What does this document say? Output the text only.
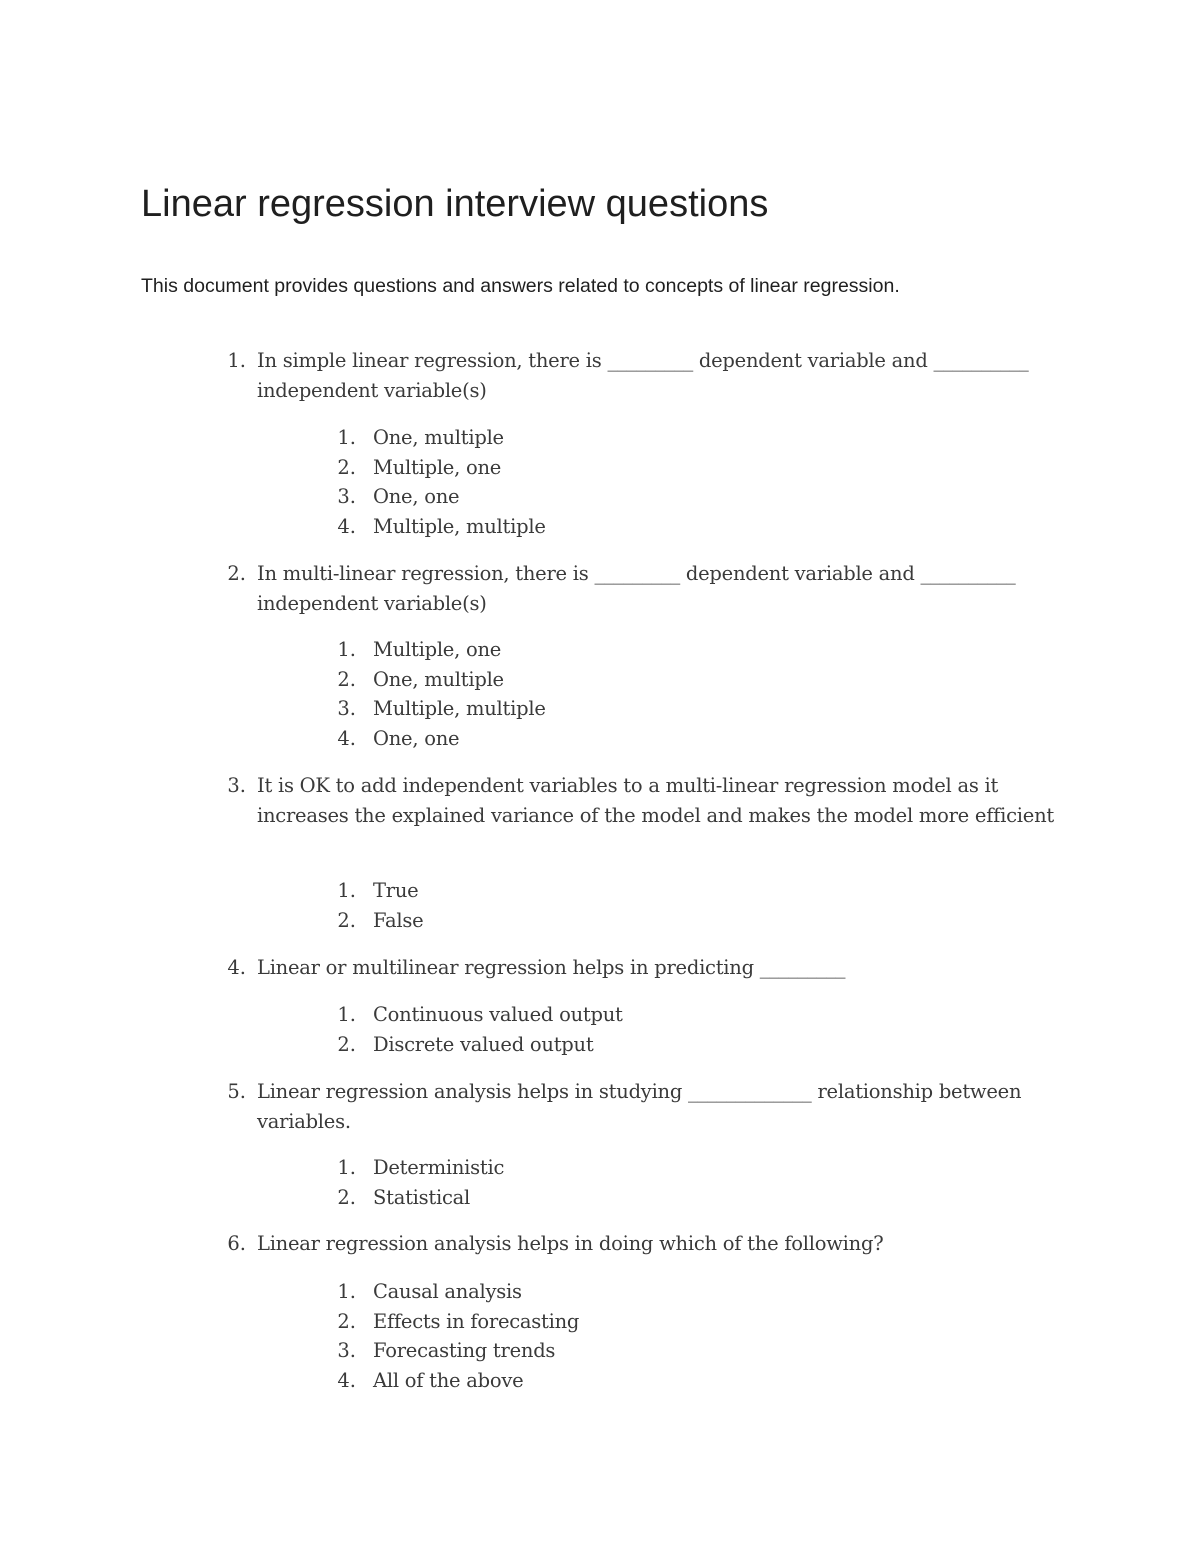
Linear regression interview questions

This document provides questions and answers related to concepts of linear regression.

1. In simple linear regression, there is _________ dependent variable and __________ independent variable(s)

1. One, multiple
2. Multiple, one
3. One, one
4. Multiple, multiple
2. In multi-linear regression, there is _________ dependent variable and __________ independent variable(s)

1. Multiple, one
2. One, multiple
3. Multiple, multiple
4. One, one
3. It is OK to add independent variables to a multi-linear regression model as it increases the explained variance of the model and makes the model more efficient

1. True
2. False
4. Linear or multilinear regression helps in predicting _________

1. Continuous valued output
2. Discrete valued output
5. Linear regression analysis helps in studying _____________ relationship between variables.

1. Deterministic
2. Statistical
6. Linear regression analysis helps in doing which of the following?

1. Causal analysis
2. Effects in forecasting
3. Forecasting trends
4. All of the above
